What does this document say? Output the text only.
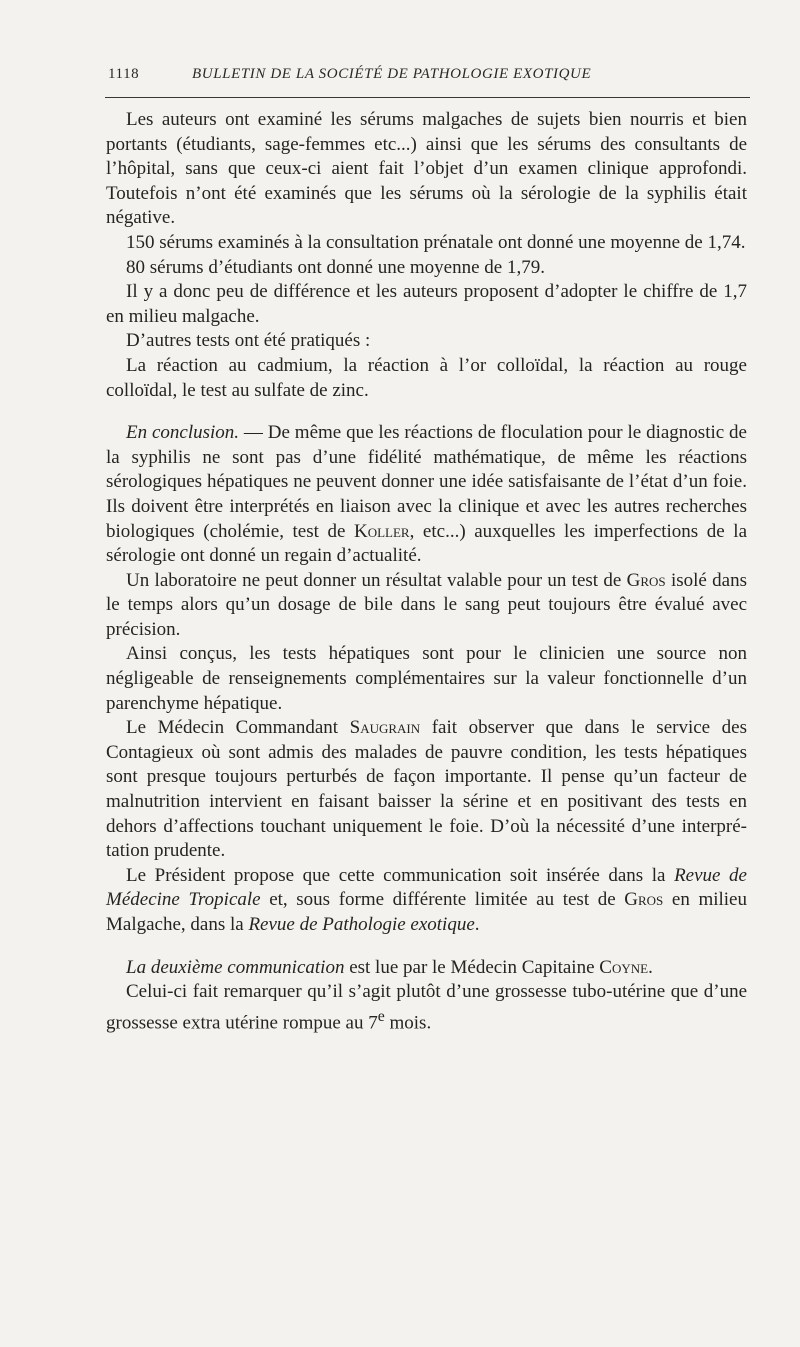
1118	BULLETIN DE LA SOCIÉTÉ DE PATHOLOGIE EXOTIQUE

Les auteurs ont examiné les sérums malgaches de sujets bien nourris et bien portants (étudiants, sage-femmes etc...) ainsi que les sérums des consultants de l’hôpital, sans que ceux-ci aient fait l’objet d’un examen clinique approfondi. Toutefois n’ont été examinés que les sérums où la sérologie de la syphilis était négative.

150 sérums examinés à la consultation prénatale ont donné une moyenne de 1,74.

80 sérums d’étudiants ont donné une moyenne de 1,79.

Il y a donc peu de différence et les auteurs proposent d’adopter le chiffre de 1,7 en milieu malgache.

D’autres tests ont été pratiqués :

La réaction au cadmium, la réaction à l’or colloïdal, la réaction au rouge colloïdal, le test au sulfate de zinc.

En conclusion. — De même que les réactions de floculation pour le diagnostic de la syphilis ne sont pas d’une fidélité mathématique, de même les réactions sérologiques hépatiques ne peuvent donner une idée satisfaisante de l’état d’un foie. Ils doivent être interprétés en liaison avec la clinique et avec les autres recherches biologiques (cholémie, test de Koller, etc...) auxquelles les imperfections de la sérologie ont donné un regain d’actualité.

Un laboratoire ne peut donner un résultat valable pour un test de Gros isolé dans le temps alors qu’un dosage de bile dans le sang peut toujours être évalué avec précision.

Ainsi conçus, les tests hépatiques sont pour le clinicien une source non négligeable de renseignements complémentaires sur la valeur fonctionnelle d’un parenchyme hépatique.

Le Médecin Commandant Saugrain fait observer que dans le service des Contagieux où sont admis des malades de pauvre condition, les tests hépatiques sont presque toujours perturbés de façon importante. Il pense qu’un facteur de malnutrition intervient en faisant baisser la sérine et en positivant des tests en dehors d’affections touchant uniquement le foie. D’où la nécessité d’une interprétation prudente.

Le Président propose que cette communication soit insérée dans la Revue de Médecine Tropicale et, sous forme différente limitée au test de Gros en milieu Malgache, dans la Revue de Pathologie exotique.

La deuxième communication est lue par le Médecin Capitaine Coyne.

Celui-ci fait remarquer qu’il s’agit plutôt d’une grossesse tubo-utérine que d’une grossesse extra utérine rompue au 7e mois.
